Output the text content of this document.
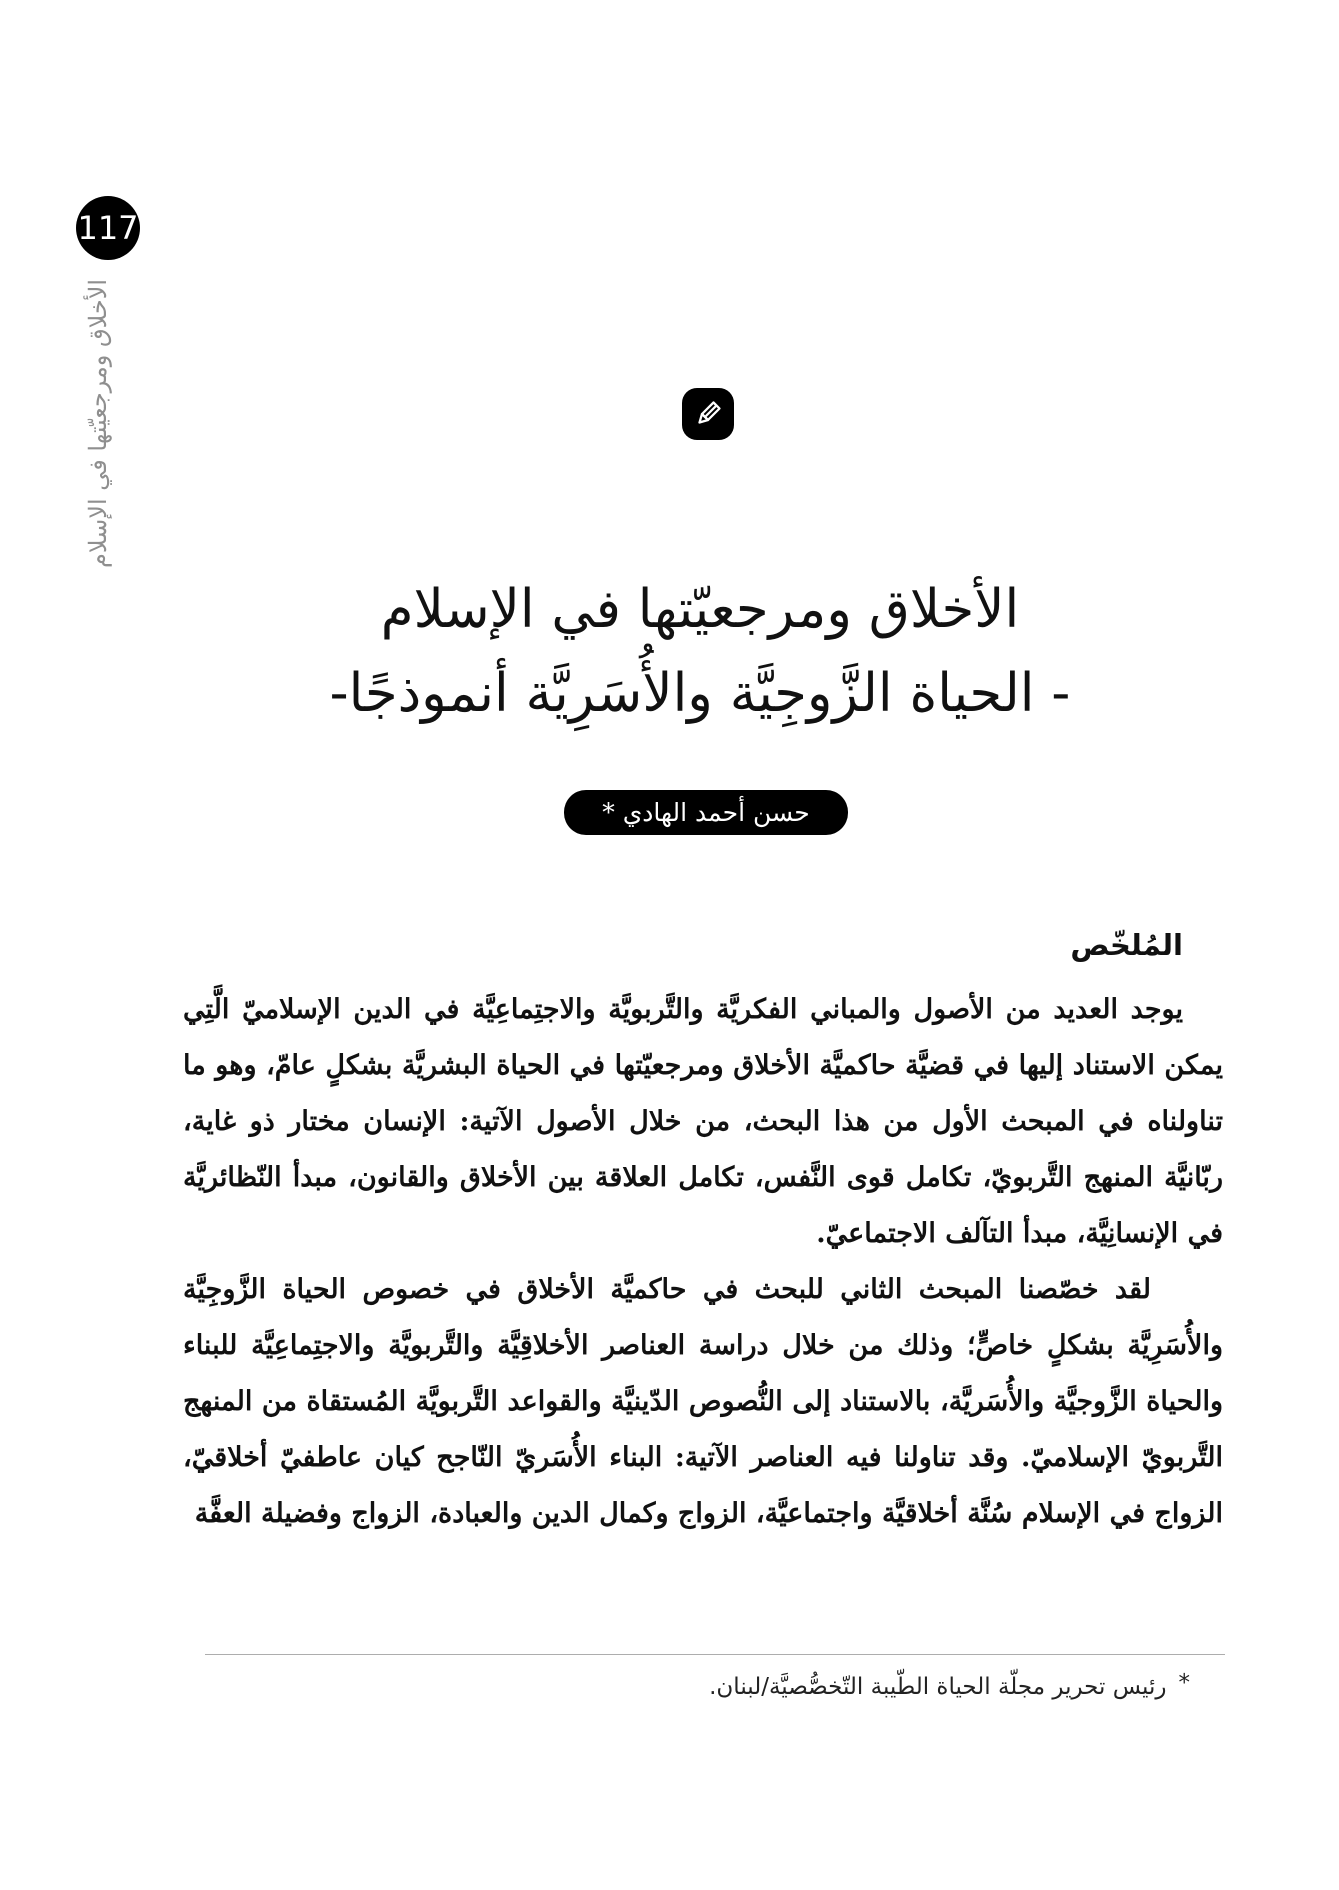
117
الأخلاق ومرجعيّتها في الإسلام
الأخلاق ومرجعيّتها في الإسلام
- الحياة الزَّوجِيَّة والأُسَرِيَّة أنموذجًا-
حسن أحمد الهادي *
المُلخّص

يوجد العديد من الأصول والمباني الفكريَّة والتَّربويَّة والاجتِماعِيَّة في الدين الإسلاميّ الَّتِي يمكن الاستناد إليها في قضيَّة حاكميَّة الأخلاق ومرجعيّتها في الحياة البشريَّة بشكلٍ عامّ، وهو ما تناولناه في المبحث الأول من هذا البحث، من خلال الأصول الآتية: الإنسان مختار ذو غاية، ربّانيَّة المنهج التَّربويّ، تكامل قوى النَّفس، تكامل العلاقة بين الأخلاق والقانون، مبدأ النّظائريَّة في الإنسانِيَّة، مبدأ التآلف الاجتماعيّ.

لقد خصّصنا المبحث الثاني للبحث في حاكميَّة الأخلاق في خصوص الحياة الزَّوجِيَّة والأُسَرِيَّة بشكلٍ خاصٍّ؛ وذلك من خلال دراسة العناصر الأخلاقِيَّة والتَّربويَّة والاجتِماعِيَّة للبناء والحياة الزَّوجيَّة والأُسَريَّة، بالاستناد إلى النُّصوص الدّينيَّة والقواعد التَّربويَّة المُستقاة من المنهج التَّربويّ الإسلاميّ. وقد تناولنا فيه العناصر الآتية: البناء الأُسَريّ النّاجح كيان عاطفيّ أخلاقيّ، الزواج في الإسلام سُنَّة أخلاقيَّة واجتماعيَّة، الزواج وكمال الدين والعبادة، الزواج وفضيلة العفَّة

*رئيس تحرير مجلّة الحياة الطّيبة التّخصُّصيَّة/لبنان.
